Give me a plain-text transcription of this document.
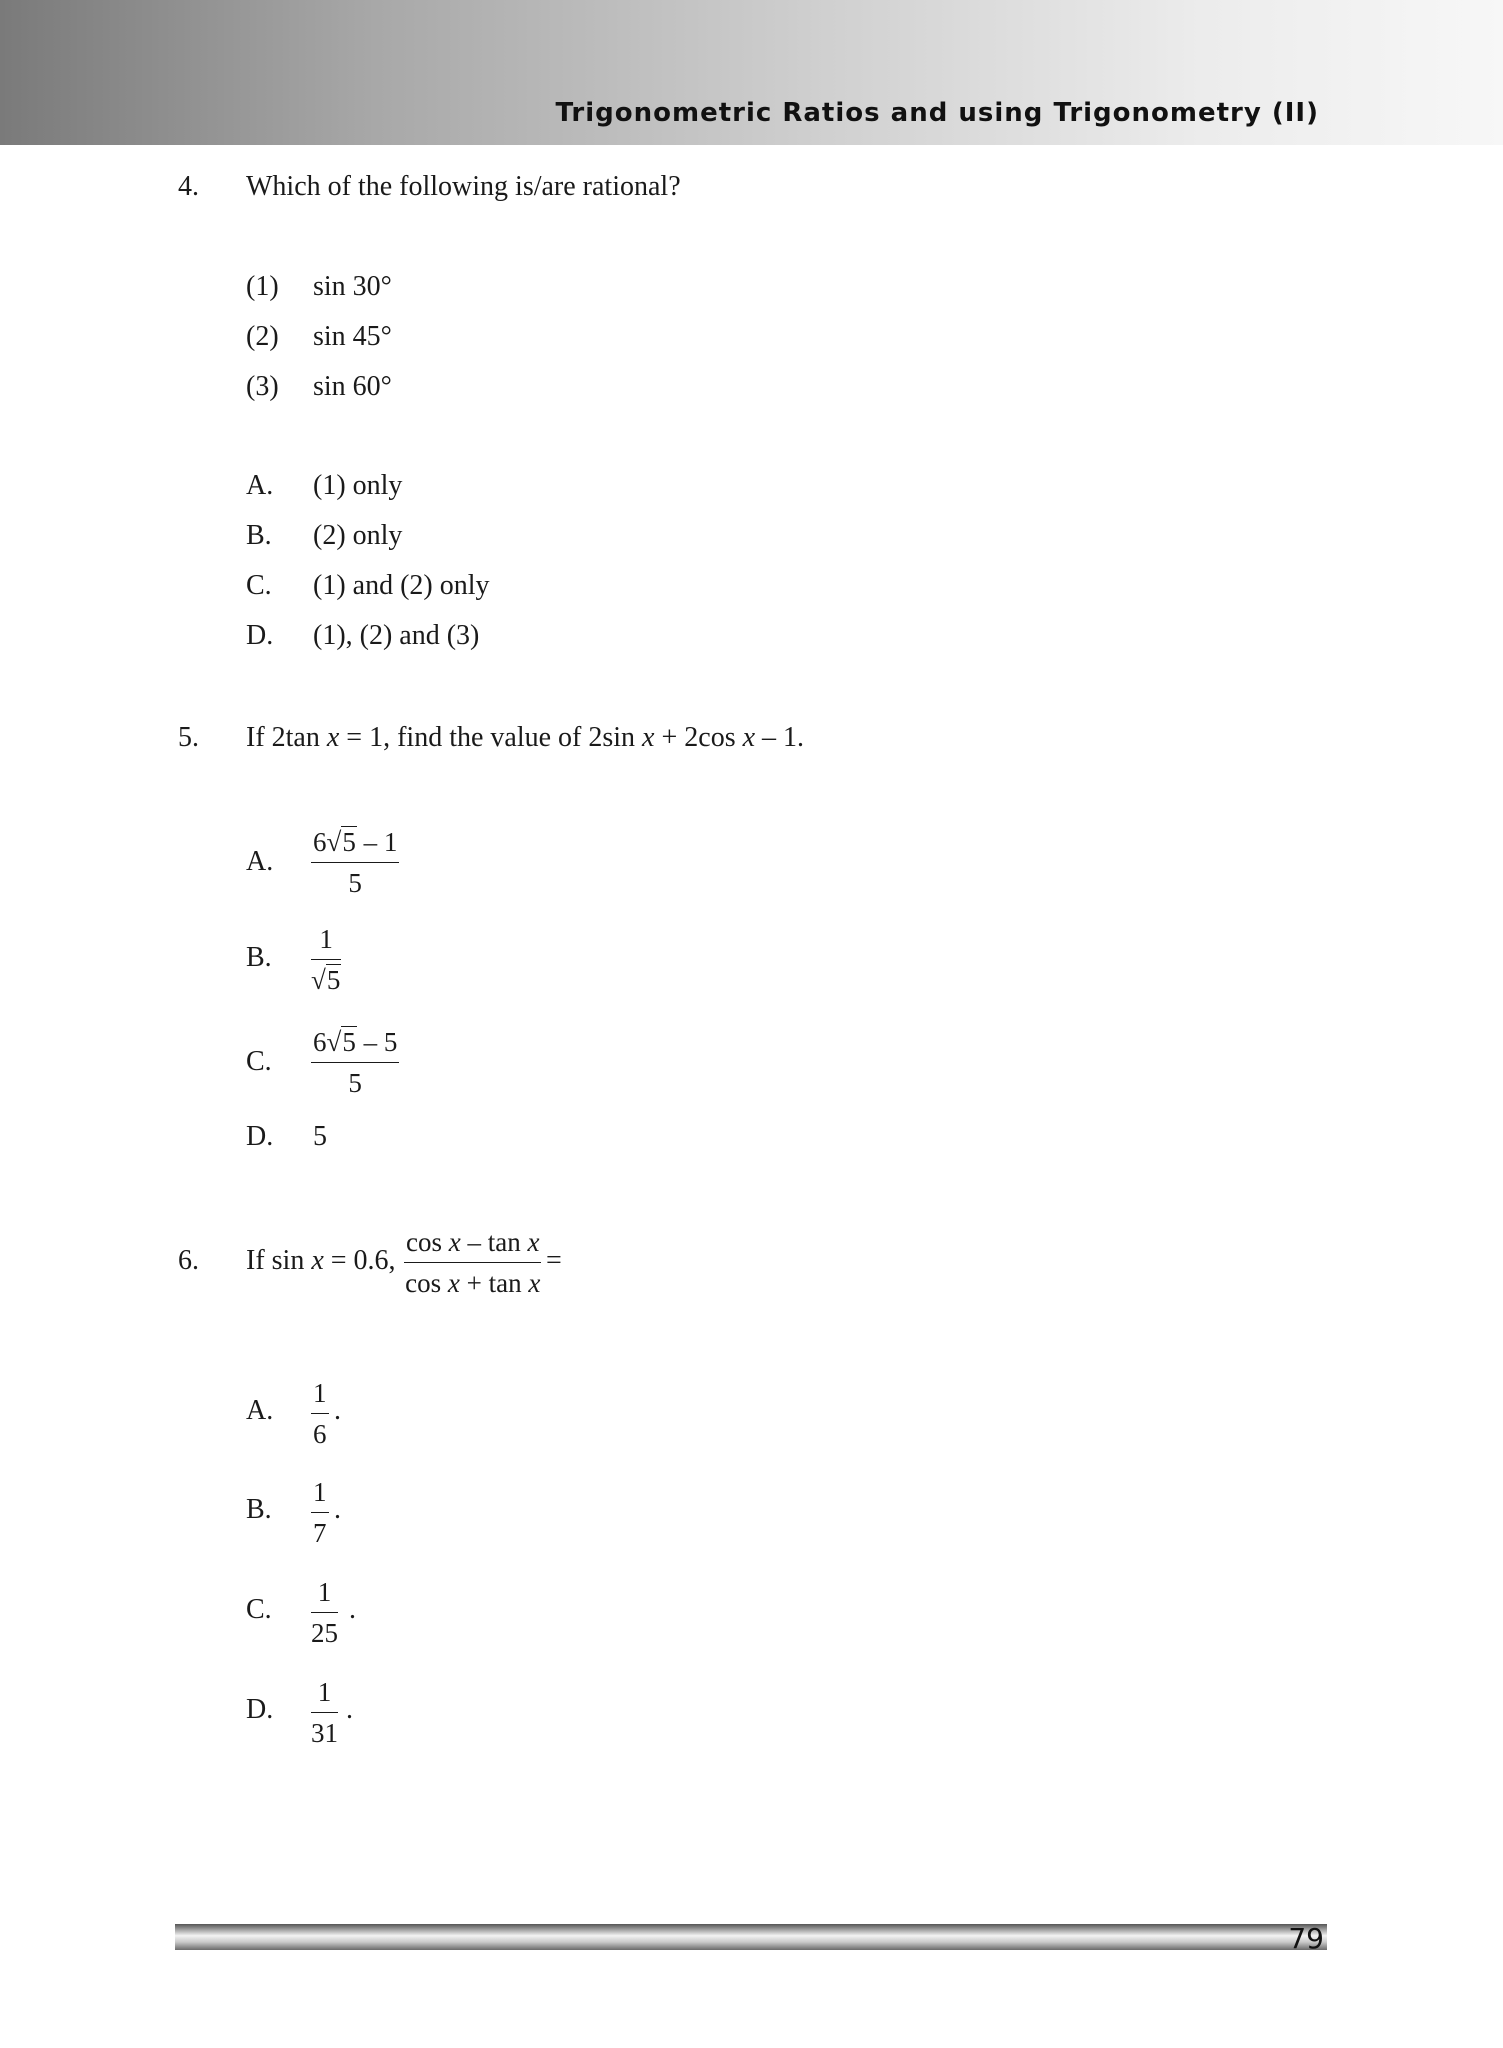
Trigonometric Ratios and using Trigonometry (II)
4. Which of the following is/are rational?
(1) sin 30°
(2) sin 45°
(3) sin 60°
A. (1) only
B. (2) only
C. (1) and (2) only
D. (1), (2) and (3)
5. If 2tan x = 1, find the value of 2sin x + 2cos x – 1.
A.
6√5 – 1
5
B.
1
√5
C.
6√5 – 5
5
D. 5
6. If sin x = 0.6,
cos x – tan x
cos x + tan x
=
A.
1
6
.
B.
1
7
.
C.
1
25
.
D.
1
31
.
79
